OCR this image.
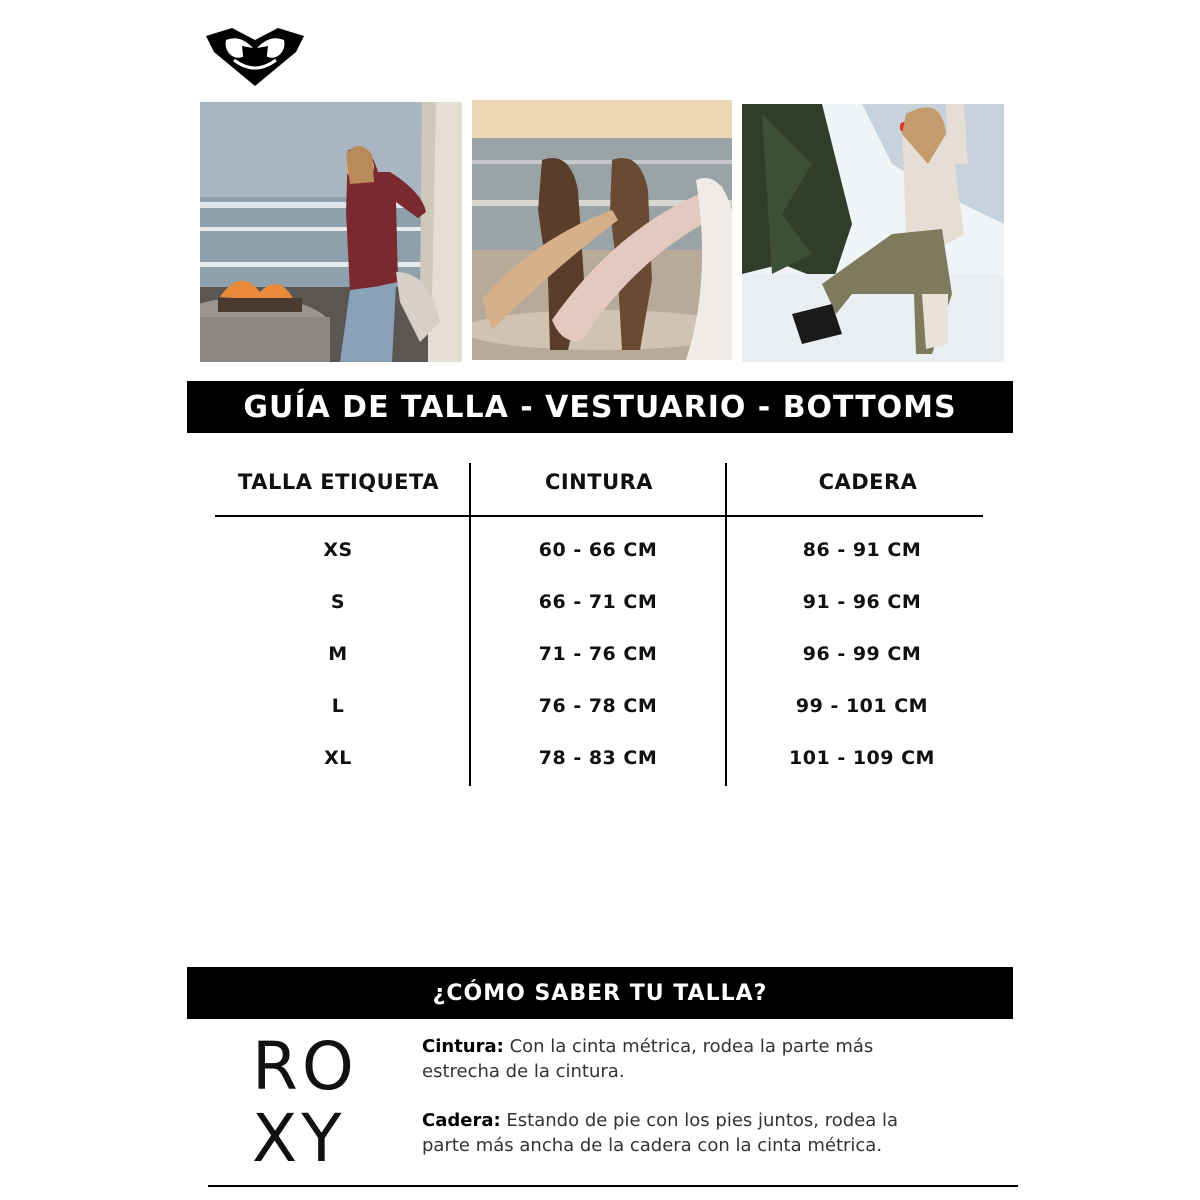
GUÍA DE TALLA - VESTUARIO - BOTTOMS
TALLA ETIQUETA	CINTURA	CADERA
XS	60 - 66 CM	86 - 91 CM
S	66 - 71 CM	91 - 96 CM
M	71 - 76 CM	96 - 99 CM
L	76 - 78 CM	99 - 101 CM
XL	78 - 83 CM	101 - 109 CM
¿CÓMO SABER TU TALLA?
RO
XY
Cintura: Con la cinta métrica, rodea la parte más estrecha de la cintura.
Cadera: Estando de pie con los pies juntos, rodea la parte más ancha de la cadera con la cinta métrica.
